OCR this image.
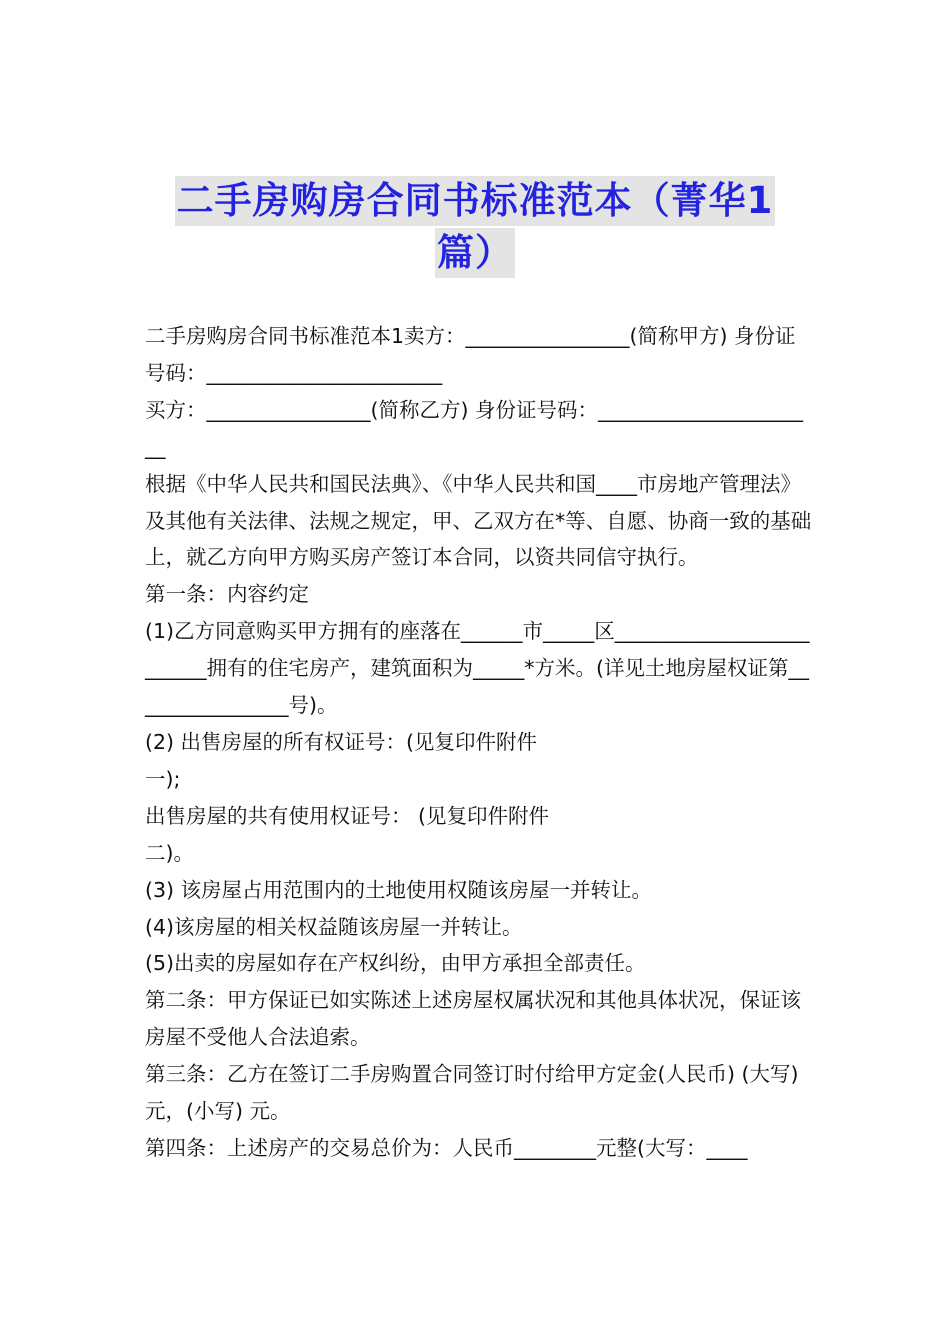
二手房购房合同书标准范本（菁华1
篇）

二手房购房合同书标准范本1卖方：________________(简称甲方) 身份证号码：_______________________

买方：________________(简称乙方) 身份证号码：______________________

根据《中华人民共和国民法典》、《中华人民共和国____市房地产管理法》及其他有关法律、法规之规定，甲、乙双方在*等、自愿、协商一致的基础上，就乙方向甲方购买房产签订本合同，以资共同信守执行。

第一条：内容约定

(1)乙方同意购买甲方拥有的座落在______市_____区_________________________拥有的住宅房产，建筑面积为_____*方米。(详见土地房屋权证第________________号)。

(2) 出售房屋的所有权证号：(见复印件附件

一);

出售房屋的共有使用权证号： (见复印件附件

二)。

(3) 该房屋占用范围内的土地使用权随该房屋一并转让。

(4)该房屋的相关权益随该房屋一并转让。

(5)出卖的房屋如存在产权纠纷，由甲方承担全部责任。

第二条：甲方保证已如实陈述上述房屋权属状况和其他具体状况，保证该房屋不受他人合法追索。

第三条：乙方在签订二手房购置合同签订时付给甲方定金(人民币) (大写) 元，(小写) 元。

第四条：上述房产的交易总价为：人民币________元整(大写：____
